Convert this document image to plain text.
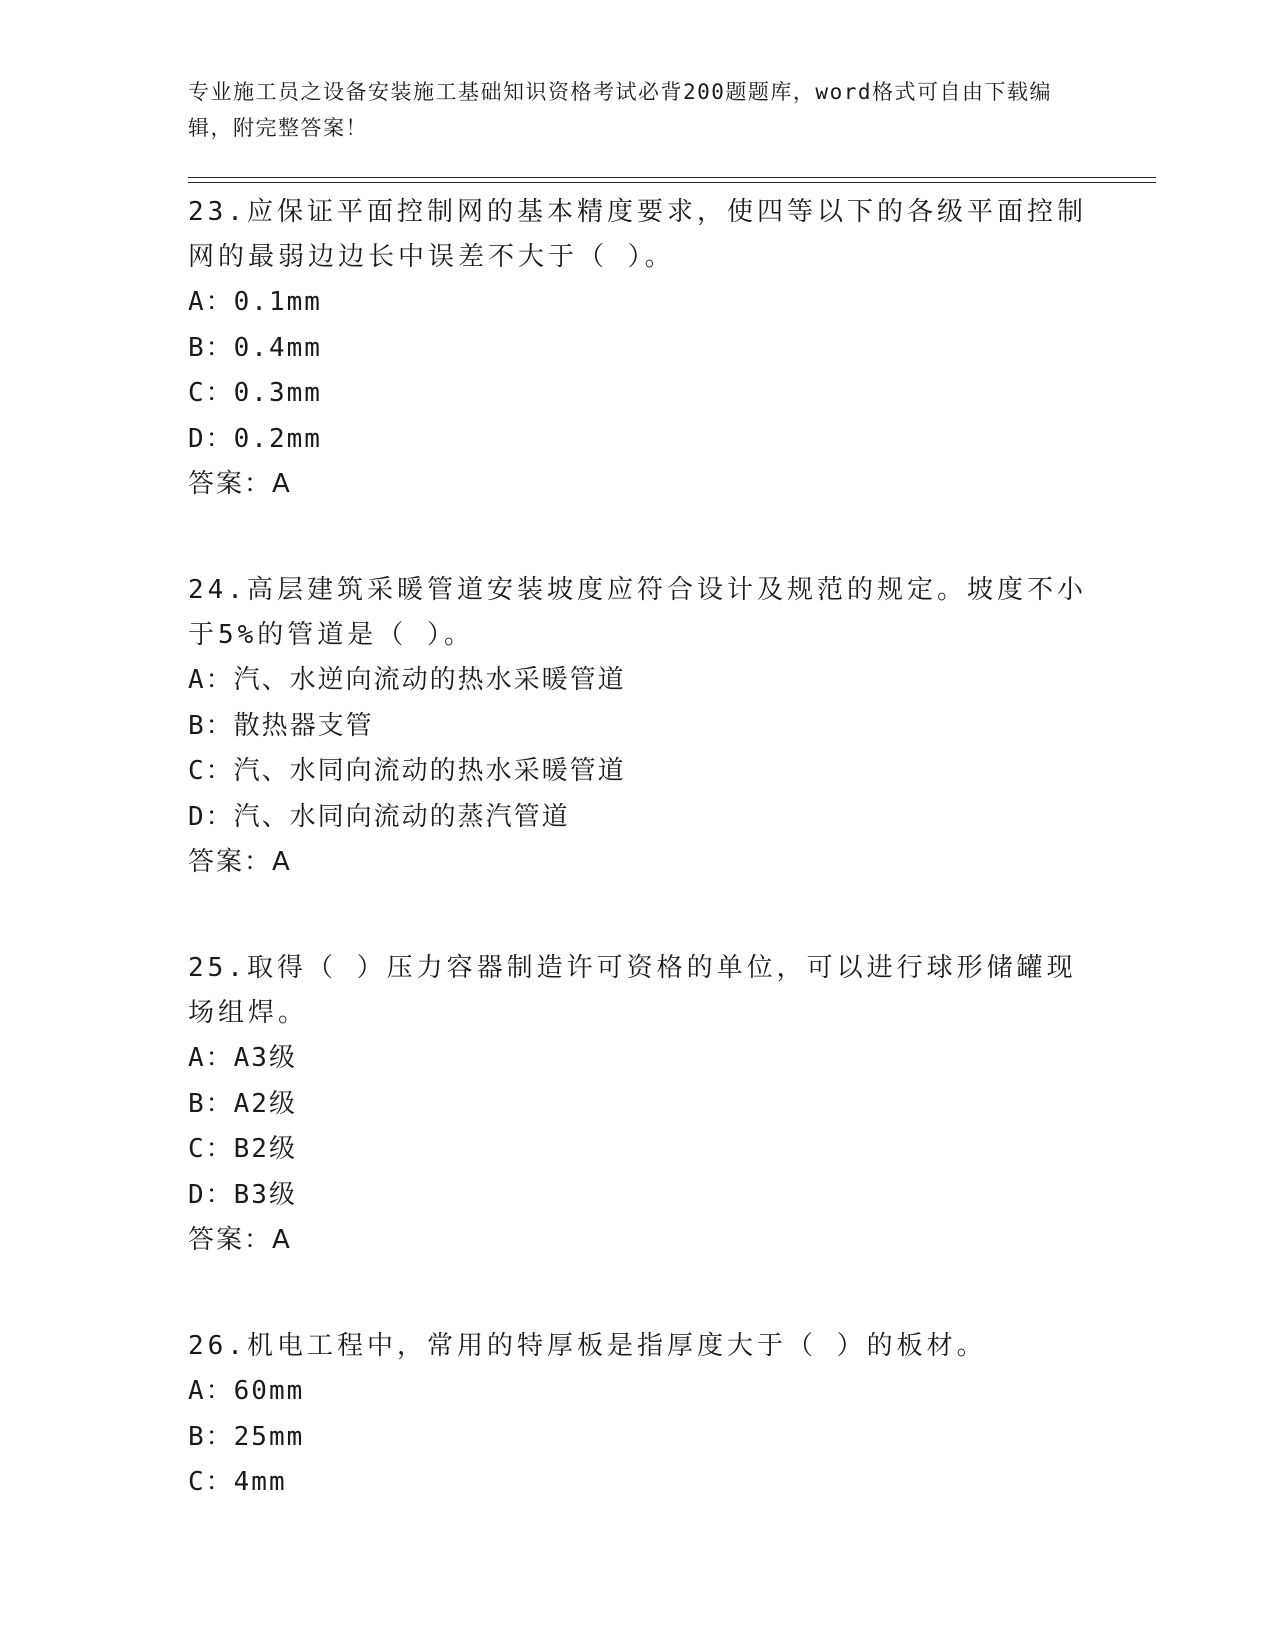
专业施工员之设备安装施工基础知识资格考试必背200题题库，word格式可自由下载编辑，附完整答案！

23.应保证平面控制网的基本精度要求，使四等以下的各级平面控制网的最弱边边长中误差不大于（ ）。

A：0.1mm

B：0.4mm

C：0.3mm

D：0.2mm

答案：A

24.高层建筑采暖管道安装坡度应符合设计及规范的规定。坡度不小于5%的管道是（ ）。

A：汽、水逆向流动的热水采暖管道

B：散热器支管

C：汽、水同向流动的热水采暖管道

D：汽、水同向流动的蒸汽管道

答案：A

25.取得（ ）压力容器制造许可资格的单位，可以进行球形储罐现场组焊。

A：A3级

B：A2级

C：B2级

D：B3级

答案：A

26.机电工程中，常用的特厚板是指厚度大于（ ）的板材。

A：60mm

B：25mm

C：4mm
